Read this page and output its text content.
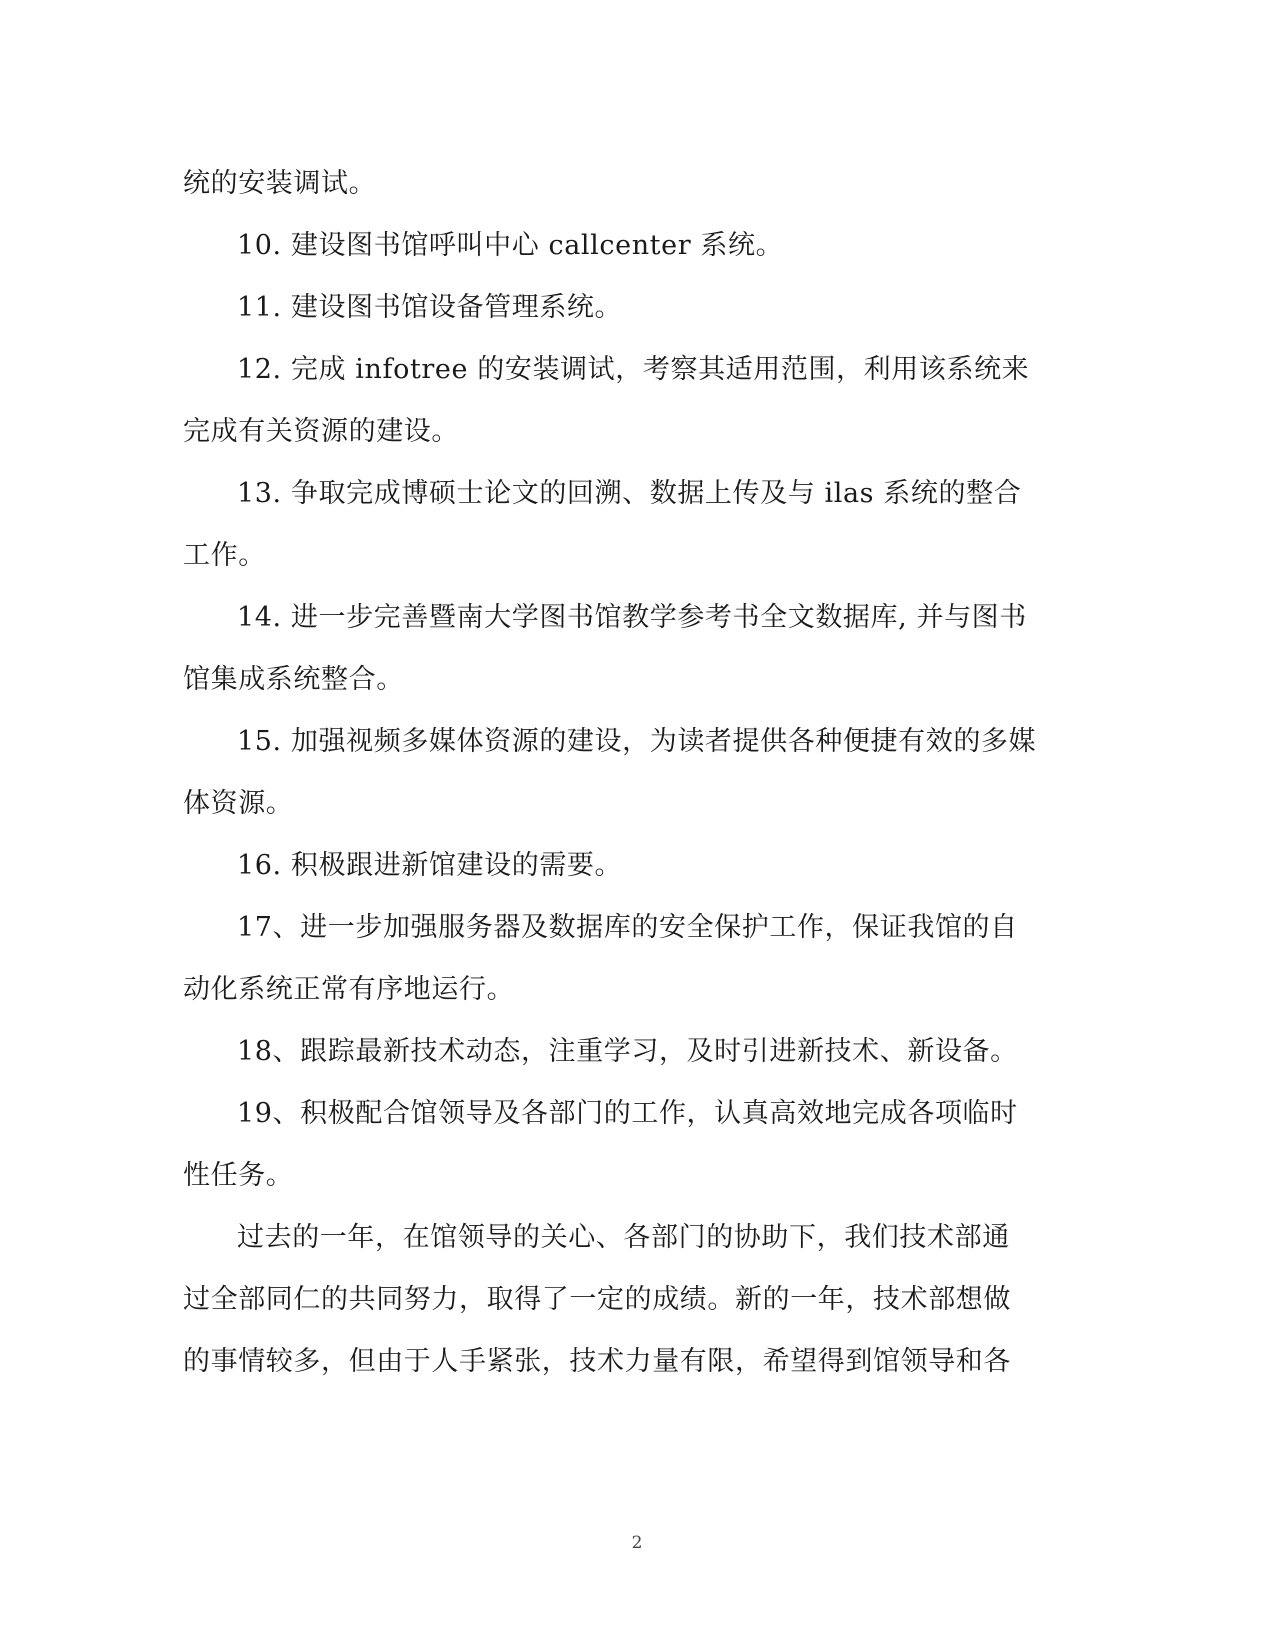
统的安装调试。
10. 建设图书馆呼叫中心 callcenter 系统。
11. 建设图书馆设备管理系统。
12. 完成 infotree 的安装调试，考察其适用范围，利用该系统来
完成有关资源的建设。
13. 争取完成博硕士论文的回溯、数据上传及与 ilas 系统的整合
工作。
14. 进一步完善暨南大学图书馆教学参考书全文数据库, 并与图书
馆集成系统整合。
15. 加强视频多媒体资源的建设，为读者提供各种便捷有效的多媒
体资源。
16. 积极跟进新馆建设的需要。
17、进一步加强服务器及数据库的安全保护工作，保证我馆的自
动化系统正常有序地运行。
18、跟踪最新技术动态，注重学习，及时引进新技术、新设备。
19、积极配合馆领导及各部门的工作，认真高效地完成各项临时
性任务。
过去的一年，在馆领导的关心、各部门的协助下，我们技术部通
过全部同仁的共同努力，取得了一定的成绩。新的一年，技术部想做
的事情较多，但由于人手紧张，技术力量有限，希望得到馆领导和各
2
